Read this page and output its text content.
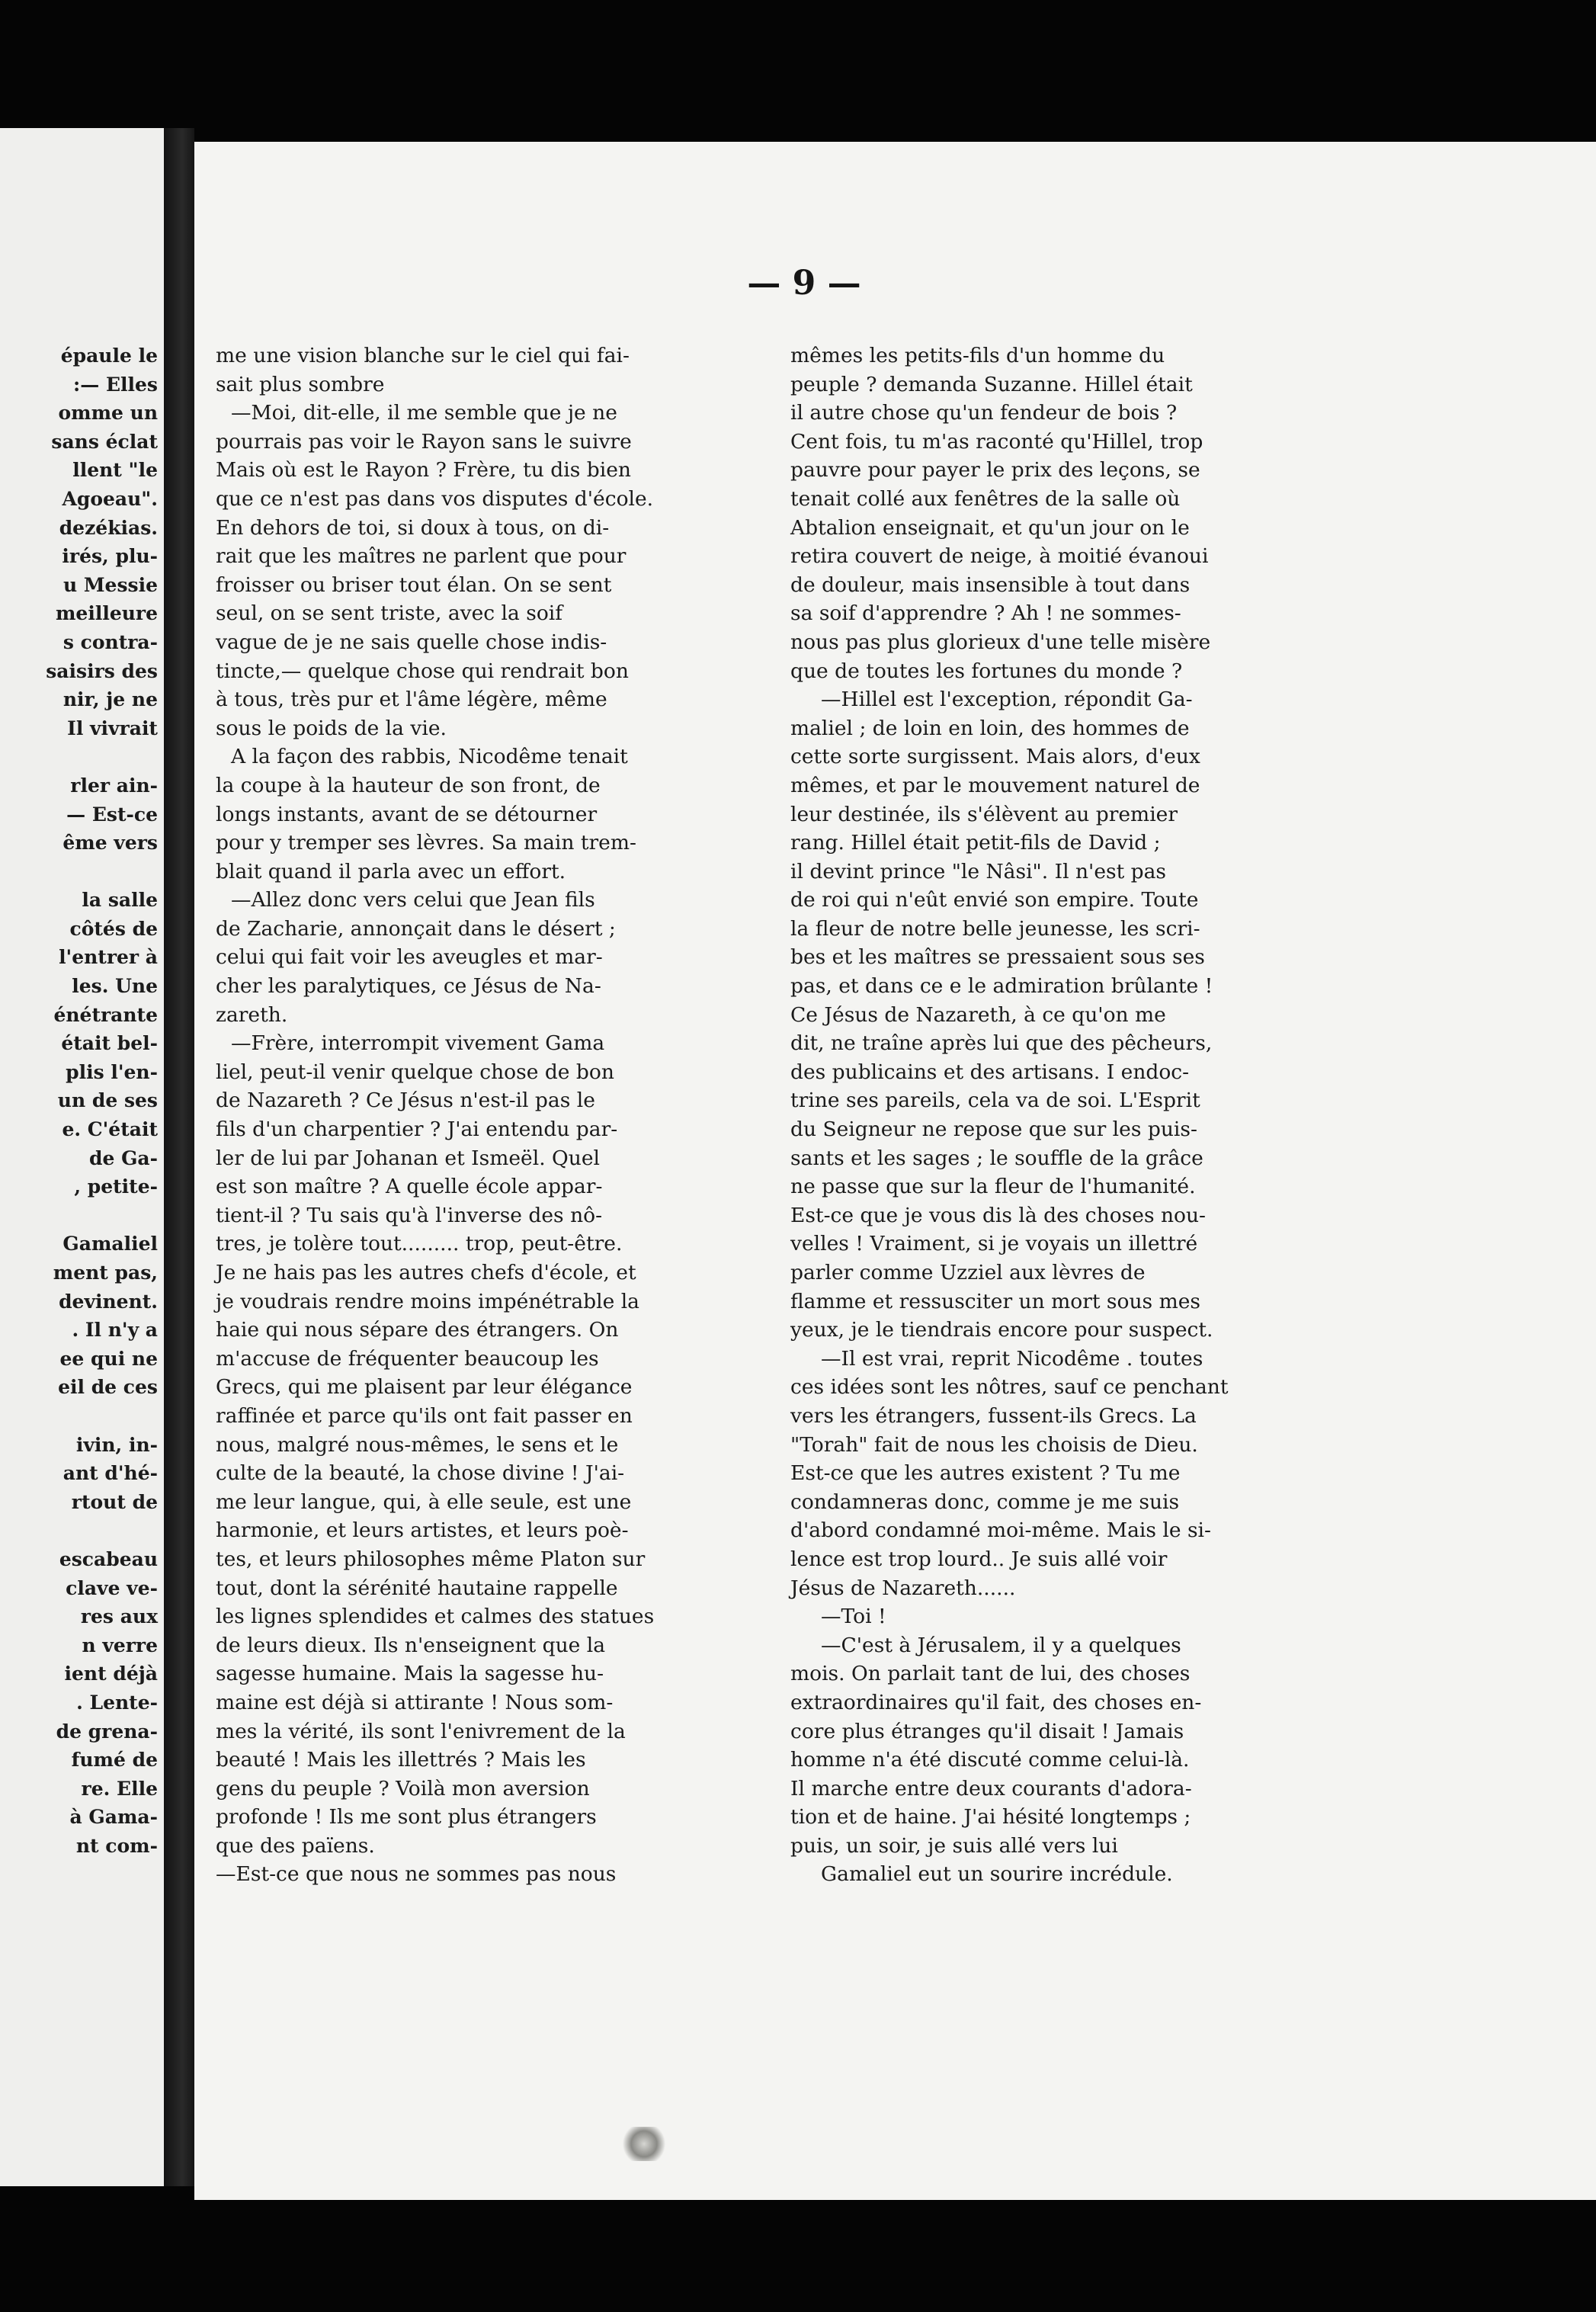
épaule le
:— Elles
omme un
sans éclat
llent "le
Agoeau".
dezékias.
irés, plu-
u Messie
meilleure
s contra-
saisirs des
nir, je ne
Il vivrait

rler ain-
— Est-ce
ême vers

la salle
côtés de
l'entrer à
les. Une
énétrante
était bel-
plis l'en-
un de ses
e. C'était
de Ga-
, petite-

Gamaliel
ment pas,
devinent.
. Il n'y a
ee qui ne
eil de ces

ivin, in-
ant d'hé-
rtout de

escabeau
clave ve-
res aux
n verre
ient déjà
. Lente-
de grena-
fumé de
re. Elle
à Gama-
nt com-
— 9 —

me une vision blanche sur le ciel qui fai-
sait plus sombre

—Moi, dit-elle, il me semble que je ne
pourrais pas voir le Rayon sans le suivre
Mais où est le Rayon ? Frère, tu dis bien
que ce n'est pas dans vos disputes d'école.
En dehors de toi, si doux à tous, on di-
rait que les maîtres ne parlent que pour
froisser ou briser tout élan. On se sent
seul, on se sent triste, avec la soif
vague de je ne sais quelle chose indis-
tincte,— quelque chose qui rendrait bon
à tous, très pur et l'âme légère, même
sous le poids de la vie.

A la façon des rabbis, Nicodême tenait
la coupe à la hauteur de son front, de
longs instants, avant de se détourner
pour y tremper ses lèvres. Sa main trem-
blait quand il parla avec un effort.

—Allez donc vers celui que Jean fils
de Zacharie, annonçait dans le désert ;
celui qui fait voir les aveugles et mar-
cher les paralytiques, ce Jésus de Na-
zareth.

—Frère, interrompit vivement Gama
liel, peut-il venir quelque chose de bon
de Nazareth ? Ce Jésus n'est-il pas le
fils d'un charpentier ? J'ai entendu par-
ler de lui par Johanan et Ismeël. Quel
est son maître ? A quelle école appar-
tient-il ? Tu sais qu'à l'inverse des nô-
tres, je tolère tout......... trop, peut-être.
Je ne hais pas les autres chefs d'école, et
je voudrais rendre moins impénétrable la
haie qui nous sépare des étrangers. On
m'accuse de fréquenter beaucoup les
Grecs, qui me plaisent par leur élégance
raffinée et parce qu'ils ont fait passer en
nous, malgré nous-mêmes, le sens et le
culte de la beauté, la chose divine ! J'ai-
me leur langue, qui, à elle seule, est une
harmonie, et leurs artistes, et leurs poè-
tes, et leurs philosophes même Platon sur
tout, dont la sérénité hautaine rappelle
les lignes splendides et calmes des statues
de leurs dieux. Ils n'enseignent que la
sagesse humaine. Mais la sagesse hu-
maine est déjà si attirante ! Nous som-
mes la vérité, ils sont l'enivrement de la
beauté ! Mais les illettrés ? Mais les
gens du peuple ? Voilà mon aversion
profonde ! Ils me sont plus étrangers
que des païens.

—Est-ce que nous ne sommes pas nous

mêmes les petits-fils d'un homme du
peuple ? demanda Suzanne. Hillel était
il autre chose qu'un fendeur de bois ?
Cent fois, tu m'as raconté qu'Hillel, trop
pauvre pour payer le prix des leçons, se
tenait collé aux fenêtres de la salle où
Abtalion enseignait, et qu'un jour on le
retira couvert de neige, à moitié évanoui
de douleur, mais insensible à tout dans
sa soif d'apprendre ? Ah ! ne sommes-
nous pas plus glorieux d'une telle misère
que de toutes les fortunes du monde ?

—Hillel est l'exception, répondit Ga-
maliel ; de loin en loin, des hommes de
cette sorte surgissent. Mais alors, d'eux
mêmes, et par le mouvement naturel de
leur destinée, ils s'élèvent au premier
rang. Hillel était petit-fils de David ;
il devint prince "le Nâsi". Il n'est pas
de roi qui n'eût envié son empire. Toute
la fleur de notre belle jeunesse, les scri-
bes et les maîtres se pressaient sous ses
pas, et dans ce e le admiration brûlante !
Ce Jésus de Nazareth, à ce qu'on me
dit, ne traîne après lui que des pêcheurs,
des publicains et des artisans. I endoc-
trine ses pareils, cela va de soi. L'Esprit
du Seigneur ne repose que sur les puis-
sants et les sages ; le souffle de la grâce
ne passe que sur la fleur de l'humanité.
Est-ce que je vous dis là des choses nou-
velles ! Vraiment, si je voyais un illettré
parler comme Uzziel aux lèvres de
flamme et ressusciter un mort sous mes
yeux, je le tiendrais encore pour suspect.

—Il est vrai, reprit Nicodême . toutes
ces idées sont les nôtres, sauf ce penchant
vers les étrangers, fussent-ils Grecs. La
"Torah" fait de nous les choisis de Dieu.
Est-ce que les autres existent ? Tu me
condamneras donc, comme je me suis
d'abord condamné moi-même. Mais le si-
lence est trop lourd.. Je suis allé voir
Jésus de Nazareth......

—Toi !

—C'est à Jérusalem, il y a quelques
mois. On parlait tant de lui, des choses
extraordinaires qu'il fait, des choses en-
core plus étranges qu'il disait ! Jamais
homme n'a été discuté comme celui-là.
Il marche entre deux courants d'adora-
tion et de haine. J'ai hésité longtemps ;
puis, un soir, je suis allé vers lui

Gamaliel eut un sourire incrédule.
